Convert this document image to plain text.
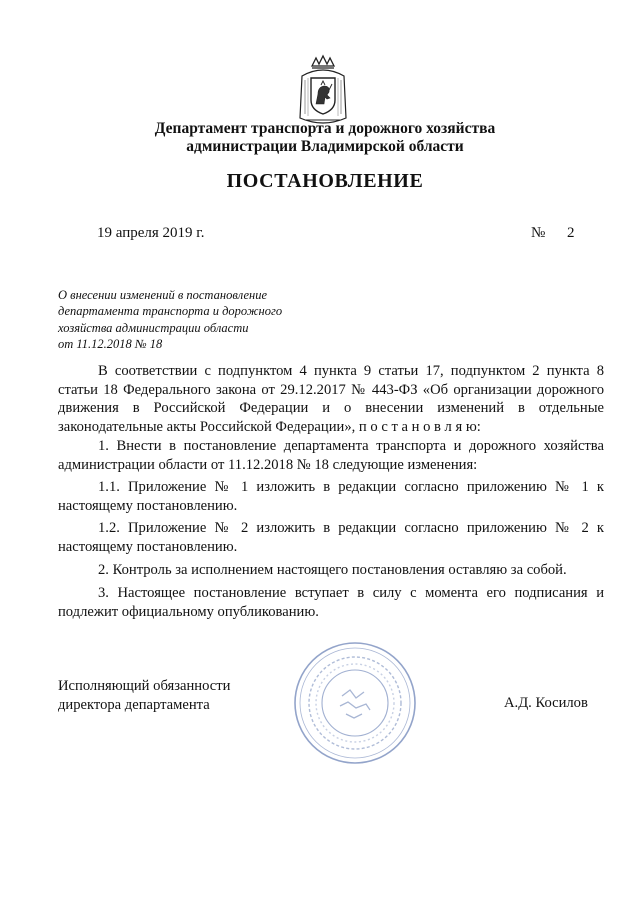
Департамент транспорта и дорожного хозяйства
администрации Владимирской области
ПОСТАНОВЛЕНИЕ
19 апреля 2019 г.	№ 2
О внесении изменений в постановление
департамента транспорта и дорожного
хозяйства администрации области
от 11.12.2018 № 18
В соответствии с подпунктом 4 пункта 9 статьи 17, подпунктом 2 пункта 8 статьи 18 Федерального закона от 29.12.2017 № 443-ФЗ «Об организации дорожного движения в Российской Федерации и о внесении изменений в отдельные законодательные акты Российской Федерации», п о с т а н о в л я ю:
1. Внести в постановление департамента транспорта и дорожного хозяйства администрации области от 11.12.2018 № 18 следующие изменения:
1.1. Приложение № 1 изложить в редакции согласно приложению № 1 к настоящему постановлению.
1.2. Приложение № 2 изложить в редакции согласно приложению № 2 к настоящему постановлению.
2. Контроль за исполнением настоящего постановления оставляю за собой.
3. Настоящее постановление вступает в силу с момента его подписания и подлежит официальному опубликованию.
Исполняющий обязанности
директора департамента	А.Д. Косилов
